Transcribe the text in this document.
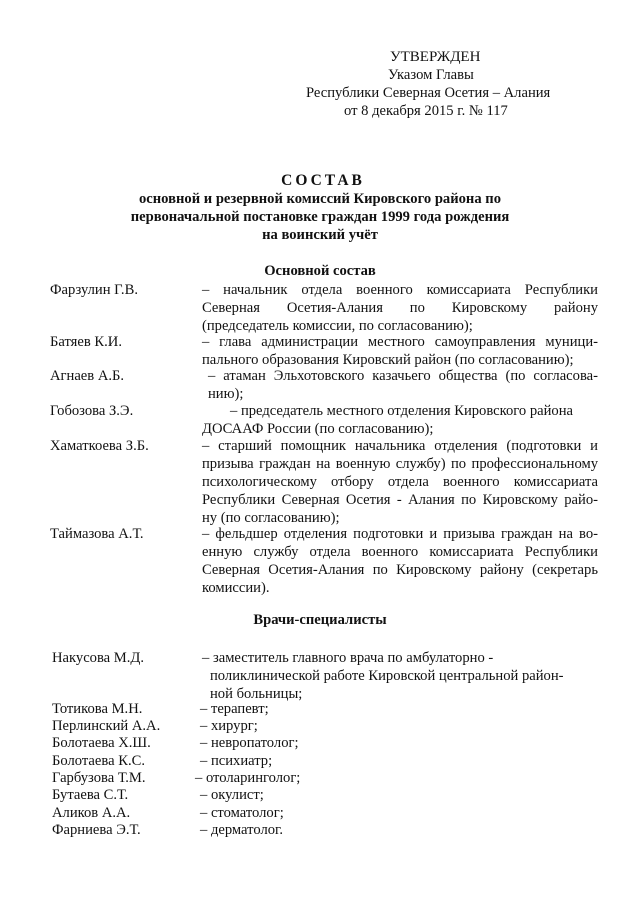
УТВЕРЖДЕН
Указом Главы
Республики Северная Осетия – Алания
от 8 декабря 2015 г. № 117
СОСТАВ
основной и резервной комиссий Кировского района по
первоначальной постановке граждан 1999 года рождения
на воинский учёт
Основной состав
Фарзулин Г.В.	– начальник отдела военного комиссариата Республики
Северная Осетия-Алания по Кировскому району
(председатель комиссии, по согласованию);
Батяев К.И.	– глава администрации местного самоуправления муници-
пального образования Кировский район (по согласованию);
Агнаев А.Б.	– атаман Эльхотовского казачьего общества (по согласова-
нию);
Гобозова З.Э.	– председатель местного отделения Кировского района
ДОСААФ России (по согласованию);
Хаматкоева З.Б.	– старший помощник начальника отделения (подготовки и
призыва граждан на военную службу) по профессиональному
психологическому отбору отдела военного комиссариата
Республики Северная Осетия - Алания по Кировскому райо-
ну (по согласованию);
Таймазова А.Т.	– фельдшер отделения подготовки и призыва граждан на во-
енную службу отдела военного комиссариата Республики
Северная Осетия-Алания по Кировскому району (секретарь
комиссии).
Врачи-специалисты
Накусова М.Д.	– заместитель главного врача по амбулаторно -
поликлинической работе Кировской центральной район-
ной больницы;
Тотикова М.Н.	– терапевт;
Перлинский А.А.	– хирург;
Болотаева Х.Ш.	– невропатолог;
Болотаева К.С.	– психиатр;
Гарбузова Т.М.	– отоларинголог;
Бутаева С.Т.	– окулист;
Аликов А.А.	– стоматолог;
Фарниева Э.Т.	– дерматолог.
